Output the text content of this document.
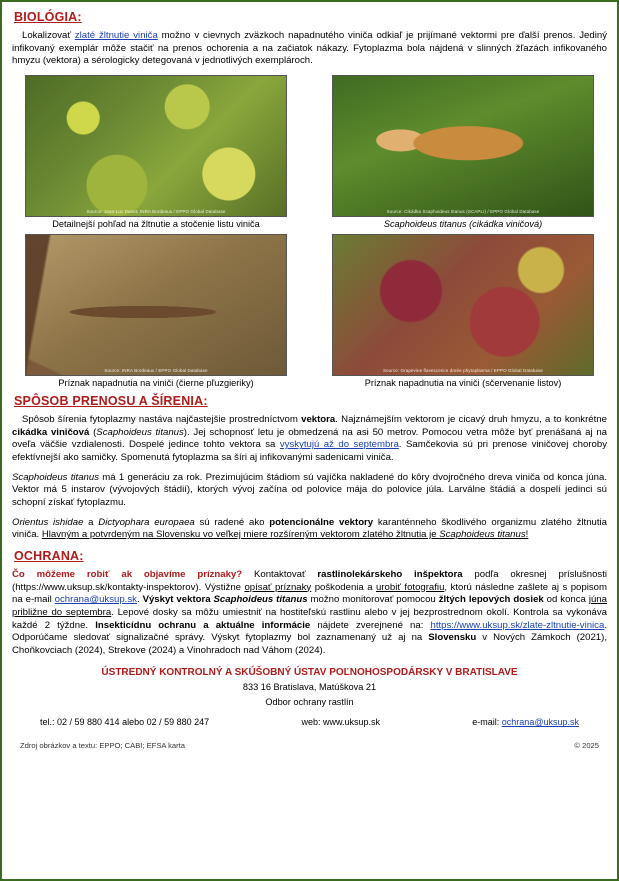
BIOLÓGIA:

Lokalizovať zlaté žltnutie viniča možno v cievnych zväzkoch napadnutého viniča odkiaľ je prijímané vektormi pre ďalší prenos. Jediný infikovaný exemplár môže stačiť na prenos ochorenia a na začiatok nákazy. Fytoplazma bola nájdená v slinných žľazách infikovaného hmyzu (vektora) a sérologicky detegovaná v jednotlivých exemplároch.

Source: Jean-Luc Danet, INRA Bordeaux / EPPO Global Database
Detailnejší pohľad na žltnutie a stočenie listu viniča
Source: Cikádka Scaphoideus titanus (SCAPLI) / EPPO Global Database
Scaphoideus titanus (cikádka viničová)
Source: INRA Bordeaux / EPPO Global Database
Príznak napadnutia na viniči (čierne pľuzgieriky)
Source: Grapevine flavescence dorée phytoplasma / EPPO Global Database
Príznak napadnutia na viniči (sčervenanie listov)
SPÔSOB PRENOSU A ŠÍRENIA:

Spôsob šírenia fytoplazmy nastáva najčastejšie prostredníctvom vektora. Najznámejším vektorom je cicavý druh hmyzu, a to konkrétne cikádka viničová (Scaphoideus titanus). Jej schopnosť letu je obmedzená na asi 50 metrov. Pomocou vetra môže byť prenášaná aj na oveľa väčšie vzdialenosti. Dospelé jedince tohto vektora sa vyskytujú až do septembra. Samčekovia sú pri prenose viničovej choroby efektívnejší ako samičky. Spomenutá fytoplazma sa šíri aj infikovanými sadenicami viniča.

Scaphoideus titanus má 1 generáciu za rok. Prezimujúcim štádiom sú vajíčka nakladené do kôry dvojročného dreva viniča od konca júna. Vektor má 5 instarov (vývojových štádií), ktorých vývoj začína od polovice mája do polovice júla. Larválne štádiá a dospelí jedinci sú schopní získať fytoplazmu.

Orientus ishidae a Dictyophara europaea sú radené ako potencionálne vektory karanténneho škodlivého organizmu zlatého žltnutia viniča. Hlavným a potvrdeným na Slovensku vo veľkej miere rozšíreným vektorom zlatého žltnutia je Scaphoideus titanus!

OCHRANA:

Čo môžeme robiť ak objavíme príznaky? Kontaktovať rastlinolekárskeho inšpektora podľa okresnej príslušnosti (https://www.uksup.sk/kontakty-inspektorov). Výstižne opísať príznaky poškodenia a urobiť fotografiu, ktorú následne zašlete aj s popisom na e-mail ochrana@uksup.sk. Výskyt vektora Scaphoideus titanus možno monitorovať pomocou žltých lepových dosiek od konca júna približne do septembra. Lepové dosky sa môžu umiestniť na hostiteľskú rastlinu alebo v jej bezprostrednom okolí. Kontrola sa vykonáva každé 2 týždne. Insekticídnu ochranu a aktuálne informácie nájdete zverejnené na: https://www.uksup.sk/zlate-zltnutie-vinica. Odporúčame sledovať signalizačné správy. Výskyt fytoplazmy bol zaznamenaný už aj na Slovensku v Nových Zámkoch (2021), Choňkovciach (2024), Strekove (2024) a Vinohradoch nad Váhom (2024).

ÚSTREDNÝ KONTROLNÝ A SKÚŠOBNÝ ÚSTAV POĽNOHOSPODÁRSKY V BRATISLAVE
833 16 Bratislava, Matúškova 21
Odbor ochrany rastlín
tel.: 02 / 59 880 414 alebo 02 / 59 880 247	web: www.uksup.sk	e-mail: ochrana@uksup.sk
Zdroj obrázkov a textu: EPPO; CABI; EFSA karta	© 2025
